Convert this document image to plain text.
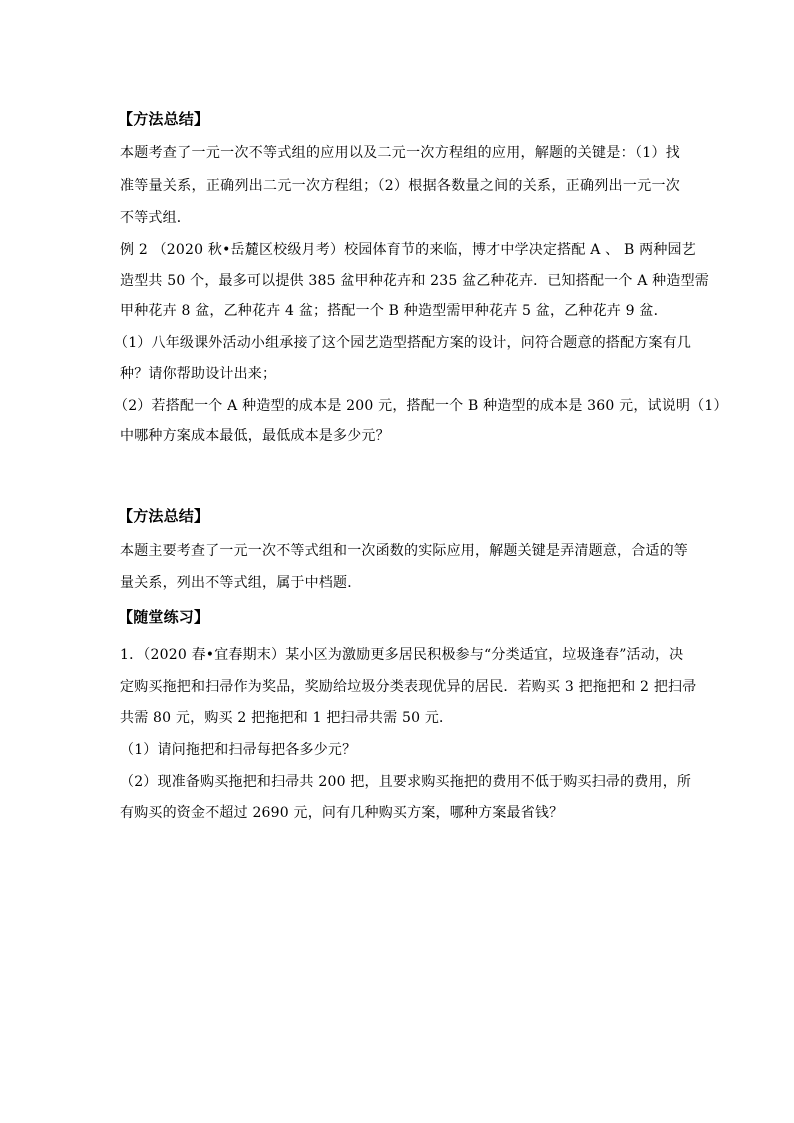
【方法总结】
本题考查了一元一次不等式组的应用以及二元一次方程组的应用，解题的关键是：（1）找
准等量关系，正确列出二元一次方程组；（2）根据各数量之间的关系，正确列出一元一次
不等式组．
例 2 （2020 秋•岳麓区校级月考）校园体育节的来临，博才中学决定搭配 A 、 B 两种园艺
造型共 50 个，最多可以提供 385 盆甲种花卉和 235 盆乙种花卉．已知搭配一个 A 种造型需
甲种花卉 8 盆，乙种花卉 4 盆；搭配一个 B 种造型需甲种花卉 5 盆，乙种花卉 9 盆．
（1）八年级课外活动小组承接了这个园艺造型搭配方案的设计，问符合题意的搭配方案有几
种？请你帮助设计出来；
（2）若搭配一个 A 种造型的成本是 200 元，搭配一个 B 种造型的成本是 360 元，试说明（1）
中哪种方案成本最低，最低成本是多少元？
【方法总结】
本题主要考查了一元一次不等式组和一次函数的实际应用，解题关键是弄清题意，合适的等
量关系，列出不等式组，属于中档题．
【随堂练习】
1．（2020 春•宜春期末）某小区为激励更多居民积极参与“分类适宜，垃圾逢春”活动，决
定购买拖把和扫帚作为奖品，奖励给垃圾分类表现优异的居民．若购买 3 把拖把和 2 把扫帚
共需 80 元，购买 2 把拖把和 1 把扫帚共需 50 元．
（1）请问拖把和扫帚每把各多少元？
（2）现准备购买拖把和扫帚共 200 把，且要求购买拖把的费用不低于购买扫帚的费用，所
有购买的资金不超过 2690 元，问有几种购买方案，哪种方案最省钱？
